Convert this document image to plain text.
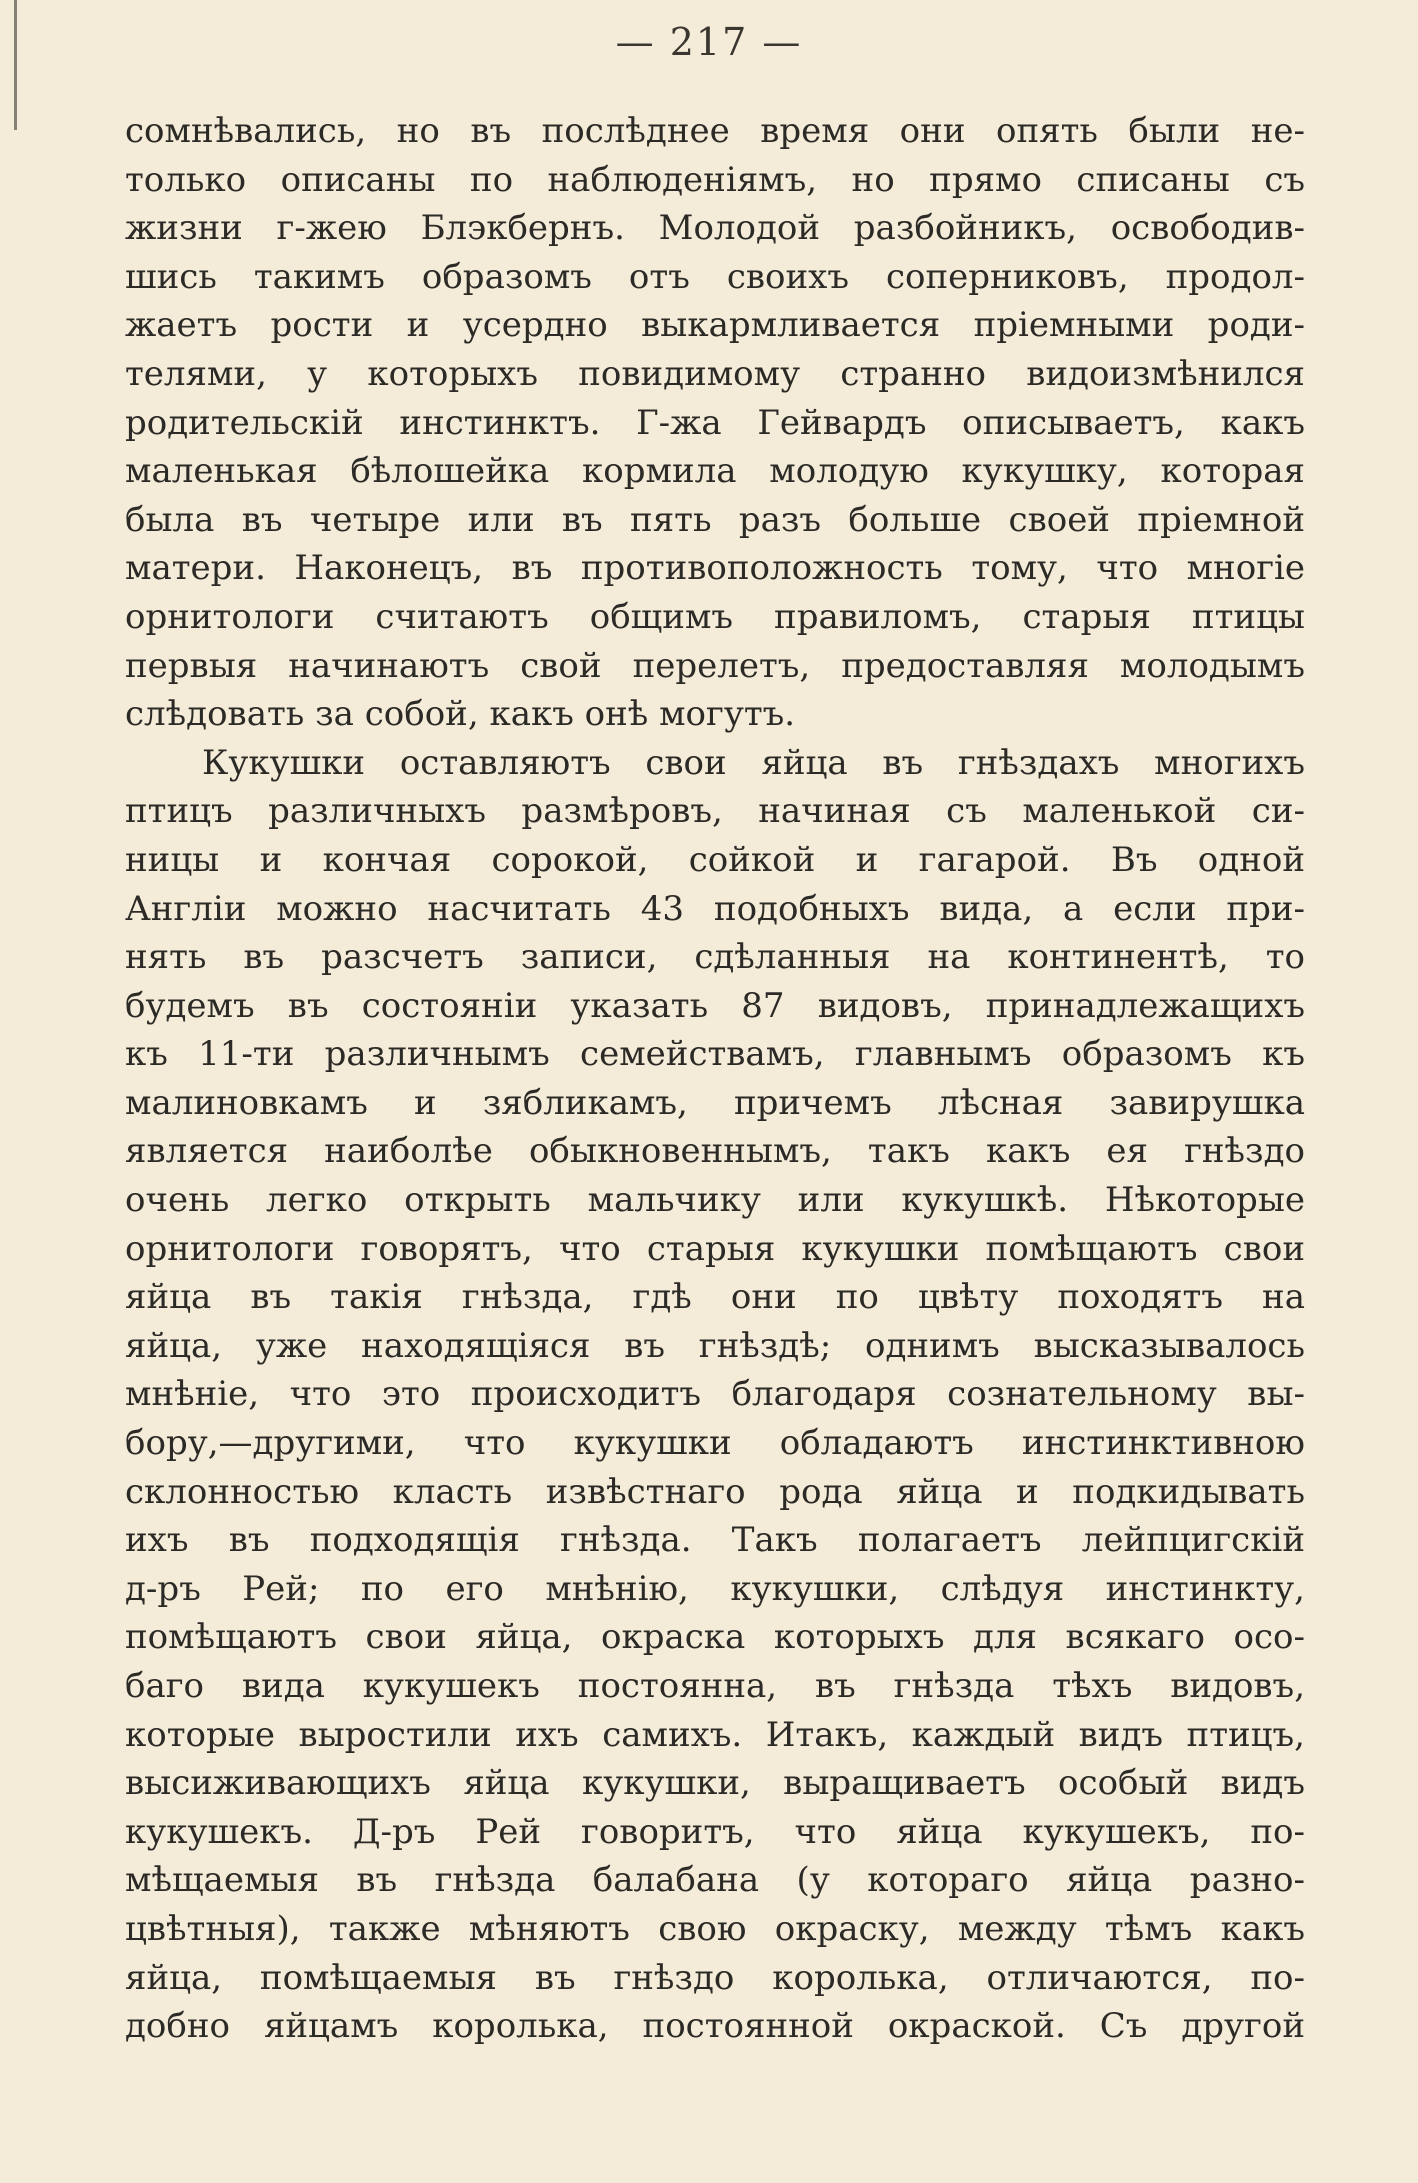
— 217 —
сомнѣвались, но въ послѣднее время они опять были не-
только описаны по наблюденіямъ, но прямо списаны съ
жизни г-жею Блэкбернъ. Молодой разбойникъ, освободив-
шись такимъ образомъ отъ своихъ соперниковъ, продол-
жаетъ рости и усердно выкармливается пріемными роди-
телями, у которыхъ повидимому странно видоизмѣнился
родительскій инстинктъ. Г-жа Гейвардъ описываетъ, какъ
маленькая бѣлошейка кормила молодую кукушку, которая
была въ четыре или въ пять разъ больше своей пріемной
матери. Наконецъ, въ противоположность тому, что многіе
орнитологи считаютъ общимъ правиломъ, старыя птицы
первыя начинаютъ свой перелетъ, предоставляя молодымъ
слѣдовать за собой, какъ онѣ могутъ.
Кукушки оставляютъ свои яйца въ гнѣздахъ многихъ
птицъ различныхъ размѣровъ, начиная съ маленькой си-
ницы и кончая сорокой, сойкой и гагарой. Въ одной
Англіи можно насчитать 43 подобныхъ вида, а если при-
нять въ разсчетъ записи, сдѣланныя на континентѣ, то
будемъ въ состояніи указать 87 видовъ, принадлежащихъ
къ 11-ти различнымъ семействамъ, главнымъ образомъ къ
малиновкамъ и зябликамъ, причемъ лѣсная завирушка
является наиболѣе обыкновеннымъ, такъ какъ ея гнѣздо
очень легко открыть мальчику или кукушкѣ. Нѣкоторые
орнитологи говорятъ, что старыя кукушки помѣщаютъ свои
яйца въ такія гнѣзда, гдѣ они по цвѣту походятъ на
яйца, уже находящіяся въ гнѣздѣ; однимъ высказывалось
мнѣніе, что это происходитъ благодаря сознательному вы-
бору,—другими, что кукушки обладаютъ инстинктивною
склонностью класть извѣстнаго рода яйца и подкидывать
ихъ въ подходящія гнѣзда. Такъ полагаетъ лейпцигскій
д-ръ Рей; по его мнѣнію, кукушки, слѣдуя инстинкту,
помѣщаютъ свои яйца, окраска которыхъ для всякаго осо-
баго вида кукушекъ постоянна, въ гнѣзда тѣхъ видовъ,
которые выростили ихъ самихъ. Итакъ, каждый видъ птицъ,
высиживающихъ яйца кукушки, выращиваетъ особый видъ
кукушекъ. Д-ръ Рей говоритъ, что яйца кукушекъ, по-
мѣщаемыя въ гнѣзда балабана (у котораго яйца разно-
цвѣтныя), также мѣняютъ свою окраску, между тѣмъ какъ
яйца, помѣщаемыя въ гнѣздо королька, отличаются, по-
добно яйцамъ королька, постоянной окраской. Съ другой
